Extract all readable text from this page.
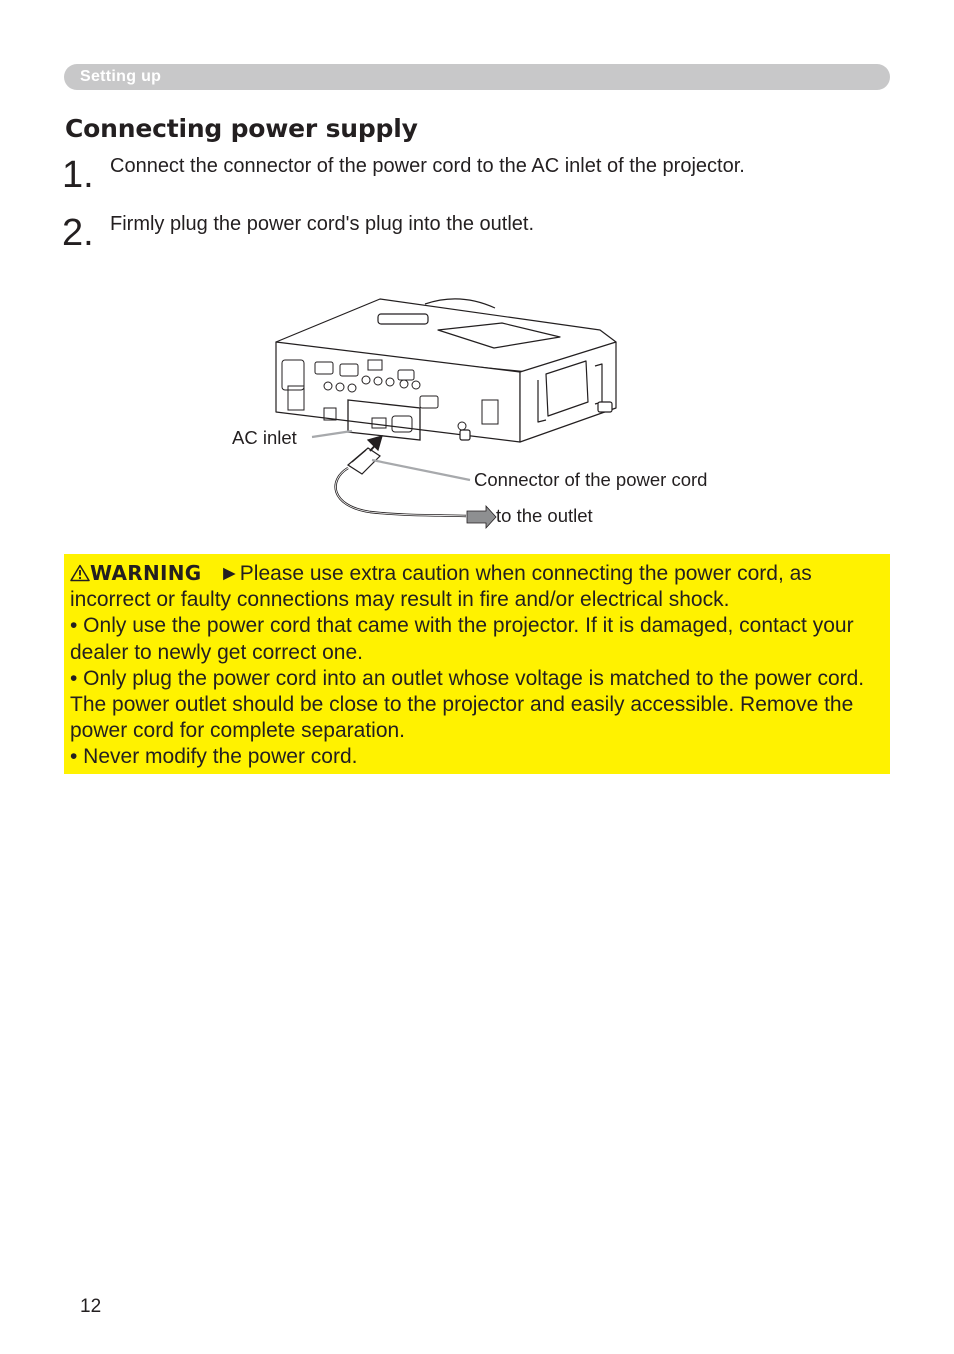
Setting up
Connecting power supply
1. Connect the connector of the power cord to the AC inlet of the projector.
2. Firmly plug the power cord's plug into the outlet.
AC inlet
Connector of the power cord
to the outlet
WARNING ►Please use extra caution when connecting the power cord, as incorrect or faulty connections may result in fire and/or electrical shock.
• Only use the power cord that came with the projector. If it is damaged, contact your dealer to newly get correct one.
• Only plug the power cord into an outlet whose voltage is matched to the power cord. The power outlet should be close to the projector and easily accessible. Remove the power cord for complete separation.
• Never modify the power cord.
12
